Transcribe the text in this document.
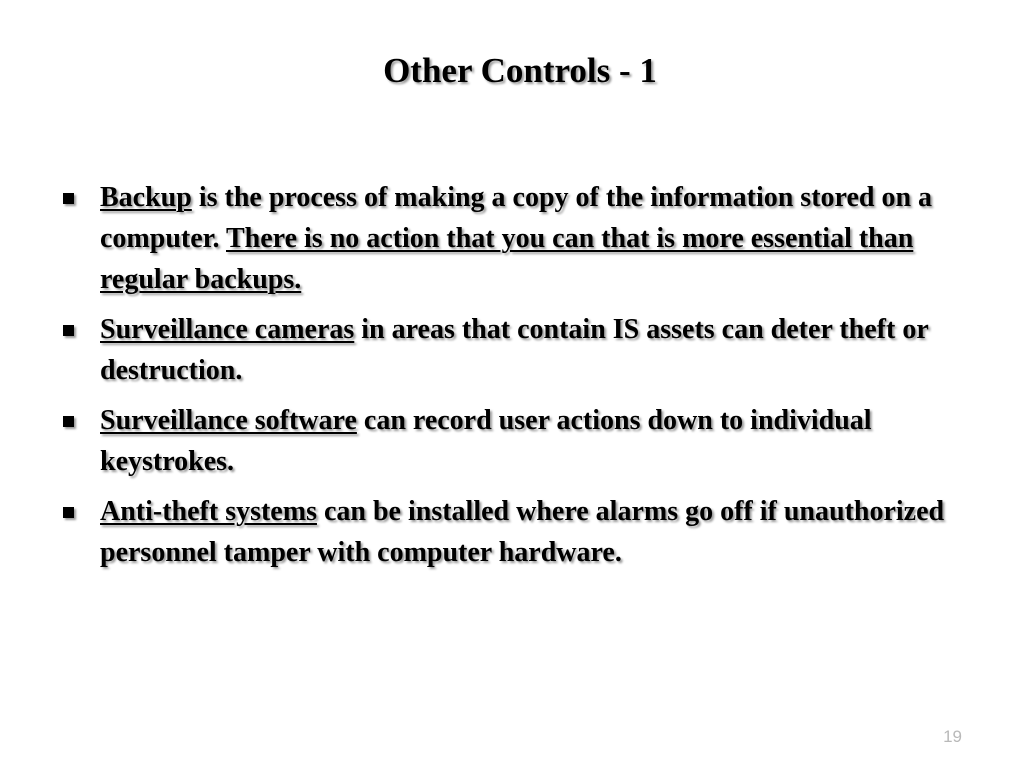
Other Controls - 1
Backup is the process of making a copy of the information stored on a computer. There is no action that you can that is more essential than regular backups.
Surveillance cameras in areas that contain IS assets can deter theft or destruction.
Surveillance software can record user actions down to individual keystrokes.
Anti-theft systems can be installed where alarms go off if unauthorized personnel tamper with computer hardware.
19
